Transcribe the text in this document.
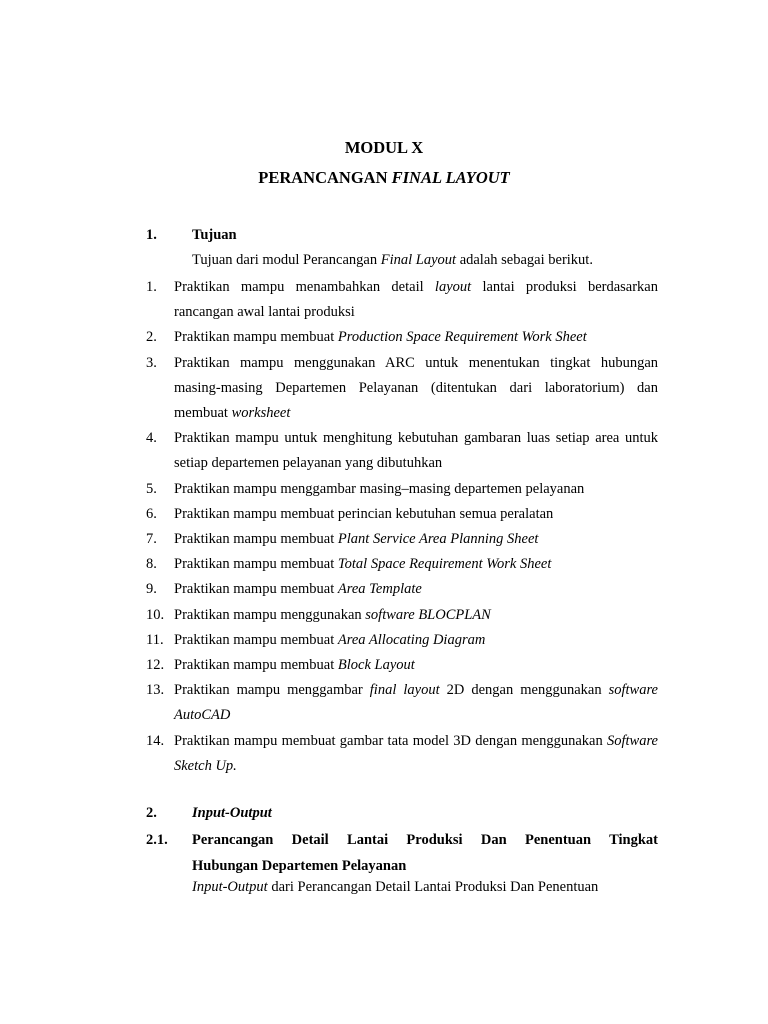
MODUL X
PERANCANGAN FINAL LAYOUT
1. Tujuan
Tujuan dari modul Perancangan Final Layout adalah sebagai berikut.
1. Praktikan mampu menambahkan detail layout lantai produksi berdasarkan rancangan awal lantai produksi
2. Praktikan mampu membuat Production Space Requirement Work Sheet
3. Praktikan mampu menggunakan ARC untuk menentukan tingkat hubungan masing-masing Departemen Pelayanan (ditentukan dari laboratorium) dan membuat worksheet
4. Praktikan mampu untuk menghitung kebutuhan gambaran luas setiap area untuk setiap departemen pelayanan yang dibutuhkan
5. Praktikan mampu menggambar masing–masing departemen pelayanan
6. Praktikan mampu membuat perincian kebutuhan semua peralatan
7. Praktikan mampu membuat Plant Service Area Planning Sheet
8. Praktikan mampu membuat Total Space Requirement Work Sheet
9. Praktikan mampu membuat Area Template
10. Praktikan mampu menggunakan software BLOCPLAN
11. Praktikan mampu membuat Area Allocating Diagram
12. Praktikan mampu membuat Block Layout
13. Praktikan mampu menggambar final layout 2D dengan menggunakan software AutoCAD
14. Praktikan mampu membuat gambar tata model 3D dengan menggunakan Software Sketch Up.
2. Input-Output
2.1. Perancangan Detail Lantai Produksi Dan Penentuan Tingkat
Hubungan Departemen Pelayanan
Input-Output dari Perancangan Detail Lantai Produksi Dan Penentuan
